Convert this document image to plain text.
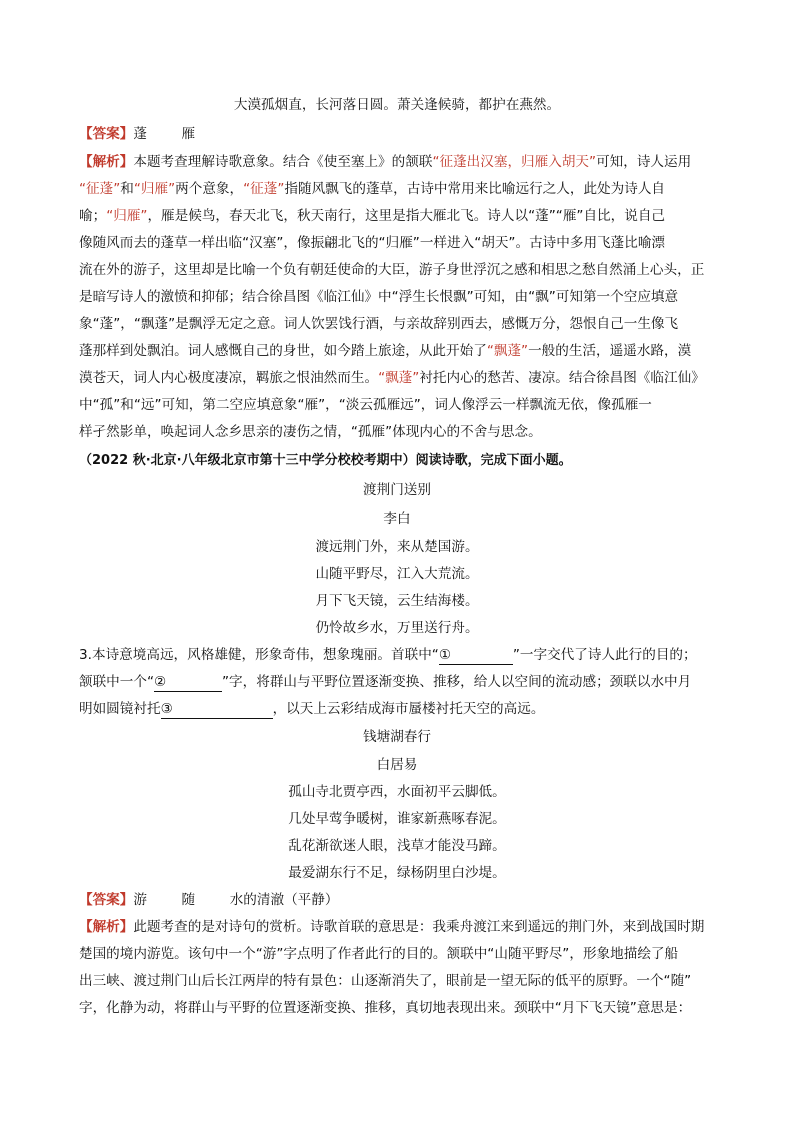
大漠孤烟直，长河落日圆。萧关逢候骑，都护在燕然。
【答案】蓬        雁
【解析】本题考查理解诗歌意象。结合《使至塞上》的颔联“征蓬出汉塞，归雁入胡天”可知，诗人运用
“征蓬”和“归雁”两个意象，“征蓬”指随风飘飞的蓬草，古诗中常用来比喻远行之人，此处为诗人自
喻；“归雁”，雁是候鸟，春天北飞，秋天南行，这里是指大雁北飞。诗人以“蓬”“雁”自比，说自己
像随风而去的蓬草一样出临“汉塞”，像振翩北飞的“归雁”一样进入“胡天”。古诗中多用飞蓬比喻漂
流在外的游子，这里却是比喻一个负有朝廷使命的大臣，游子身世浮沉之感和相思之愁自然涌上心头，正
是暗写诗人的激愤和抑郁；结合徐昌图《临江仙》中“浮生长恨飘”可知，由“飘”可知第一个空应填意
象“蓬”，“飘蓬”是飘浮无定之意。词人饮罢饯行酒，与亲故辞别西去，感慨万分，怨恨自己一生像飞
蓬那样到处飘泊。词人感慨自己的身世，如今踏上旅途，从此开始了“飘蓬”一般的生活，遥遥水路，漠
漠苍天，词人内心极度凄凉，羁旅之恨油然而生。“飘蓬”衬托内心的愁苦、凄凉。结合徐昌图《临江仙》
中“孤”和“远”可知，第二空应填意象“雁”，“淡云孤雁远”，词人像浮云一样飘流无依，像孤雁一
样孑然影单，唤起词人念乡思亲的凄伤之情，“孤雁”体现内心的不舍与思念。
（2022 秋·北京·八年级北京市第十三中学分校校考期中）阅读诗歌，完成下面小题。
渡荆门送别
李白
渡远荆门外，来从楚国游。
山随平野尽，江入大荒流。
月下飞天镜，云生结海楼。
仍怜故乡水，万里送行舟。
3.本诗意境高远，风格雄健，形象奇伟，想象瑰丽。首联中“①	”一字交代了诗人此行的目的；
颔联中一个“②	”字，将群山与平野位置逐渐变换、推移，给人以空间的流动感；颈联以水中月
明如圆镜衬托③	，以天上云彩结成海市蜃楼衬托天空的高远。
钱塘湖春行
白居易
孤山寺北贾亭西，水面初平云脚低。
几处早莺争暖树，谁家新燕啄春泥。
乱花渐欲迷人眼，浅草才能没马蹄。
最爱湖东行不足，绿杨阴里白沙堤。
【答案】游        随        水的清澈（平静）
【解析】此题考查的是对诗句的赏析。诗歌首联的意思是：我乘舟渡江来到遥远的荆门外，来到战国时期
楚国的境内游览。该句中一个“游”字点明了作者此行的目的。颔联中“山随平野尽”，形象地描绘了船
出三峡、渡过荆门山后长江两岸的特有景色：山逐渐消失了，眼前是一望无际的低平的原野。一个“随”
字，化静为动，将群山与平野的位置逐渐变换、推移，真切地表现出来。颈联中“月下飞天镜”意思是：
